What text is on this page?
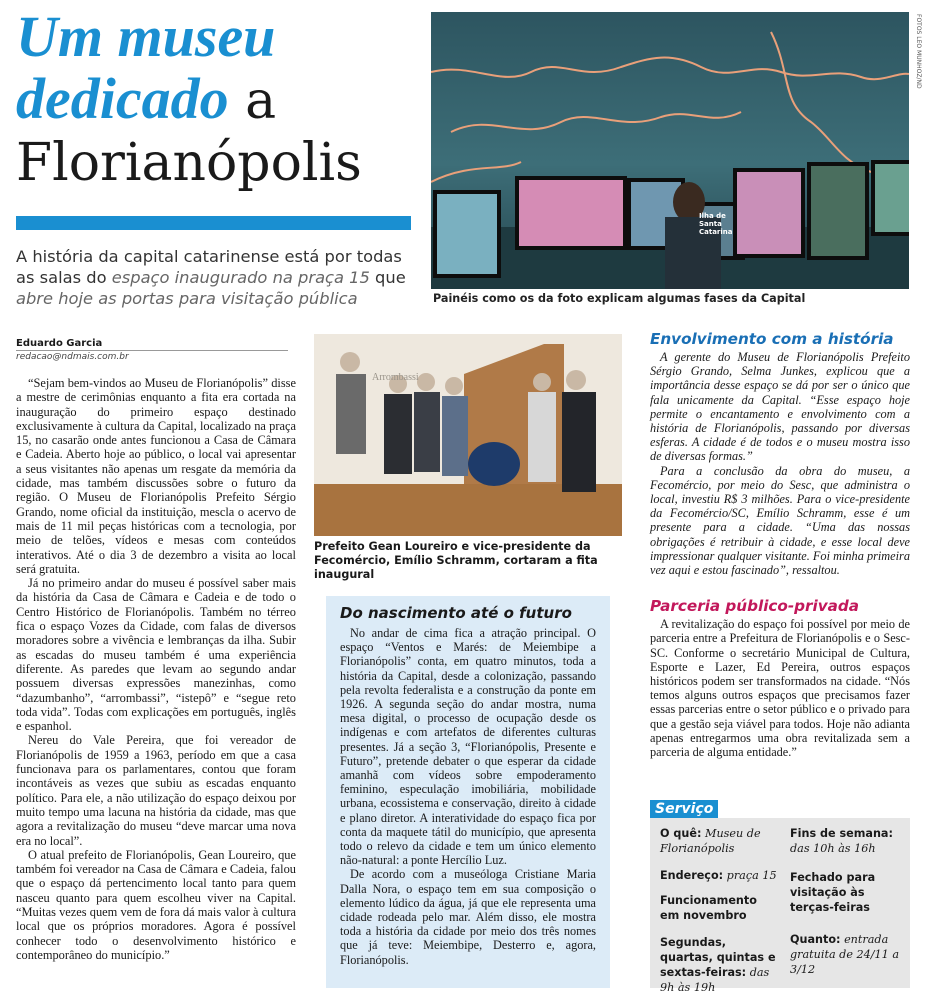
Um museu
dedicado a
Florianópolis
A história da capital catarinense está por todas as salas do espaço inaugurado na praça 15 que abre hoje as portas para visitação pública
Ilha de Santa Catarina
FOTOS LEO MUNHOZ/ND
Painéis como os da foto explicam algumas fases da Capital
Eduardo Garcia
redacao@ndmais.com.br

“Sejam bem-vindos ao Museu de Florianópolis” disse a mestre de cerimônias enquanto a fita era cortada na inauguração do primeiro espaço destinado exclusivamente à cultura da Capital, localizado na praça 15, no casarão onde antes funcionou a Casa de Câmara e Cadeia. Aberto hoje ao público, o local vai apresentar a seus visitantes não apenas um resgate da memória da cidade, mas também discussões sobre o futuro da região. O Museu de Florianópolis Prefeito Sérgio Grando, nome oficial da instituição, mescla o acervo de mais de 11 mil peças históricas com a tecnologia, por meio de telões, vídeos e mesas com conteúdos interativos. Até o dia 3 de dezembro a visita ao local será gratuita.

Já no primeiro andar do museu é possível saber mais da história da Casa de Câmara e Cadeia e de todo o Centro Histórico de Florianópolis. Também no térreo fica o espaço Vozes da Cidade, com falas de diversos moradores sobre a vivência e lembranças da ilha. Subir as escadas do museu também é uma experiência diferente. As paredes que levam ao segundo andar possuem diversas expressões manezinhas, como “dazumbanho”, “arrombassi”, “istepô” e “segue reto toda vida”. Todas com explicações em português, inglês e espanhol.

Nereu do Vale Pereira, que foi vereador de Florianópolis de 1959 a 1963, período em que a casa funcionava para os parlamentares, contou que foram incontáveis as vezes que subiu as escadas enquanto político. Para ele, a não utilização do espaço deixou por muito tempo uma lacuna na história da cidade, mas que agora a revitalização do museu “deve marcar uma nova era no local”.

O atual prefeito de Florianópolis, Gean Loureiro, que também foi vereador na Casa de Câmara e Cadeia, falou que o espaço dá pertencimento local tanto para quem nasceu quanto para quem escolheu viver na Capital. “Muitas vezes quem vem de fora dá mais valor à cultura local que os próprios moradores. Agora é possível conhecer todo o desenvolvimento histórico e contemporâneo do município.”

Arrombassi
Prefeito Gean Loureiro e vice-presidente da Fecomércio, Emílio Schramm, cortaram a fita inaugural
Do nascimento até o futuro

No andar de cima fica a atração principal. O espaço “Ventos e Marés: de Meiembipe a Florianópolis” conta, em quatro minutos, toda a história da Capital, desde a colonização, passando pela revolta federalista e a construção da ponte em 1926. A segunda seção do andar mostra, numa mesa digital, o processo de ocupação desde os indígenas e com artefatos de diferentes culturas presentes. Já a seção 3, “Florianópolis, Presente e Futuro”, pretende debater o que esperar da cidade amanhã com vídeos sobre empoderamento feminino, especulação imobiliária, mobilidade urbana, ecossistema e conservação, direito à cidade e plano diretor. A interatividade do espaço fica por conta da maquete tátil do município, que apresenta todo o relevo da cidade e tem um único elemento não-natural: a ponte Hercílio Luz.

De acordo com a museóloga Cristiane Maria Dalla Nora, o espaço tem em sua composição o elemento lúdico da água, já que ele representa uma cidade rodeada pelo mar. Além disso, ele mostra toda a história da cidade por meio dos três nomes que já teve: Meiembipe, Desterro e, agora, Florianópolis.

Envolvimento com a história

A gerente do Museu de Florianópolis Prefeito Sérgio Grando, Selma Junkes, explicou que a importância desse espaço se dá por ser o único que fala unicamente da Capital. “Esse espaço hoje permite o encantamento e envolvimento com a história de Florianópolis, passando por diversas esferas. A cidade é de todos e o museu mostra isso de diversas formas.”

Para a conclusão da obra do museu, a Fecomércio, por meio do Sesc, que administra o local, investiu R$ 3 milhões. Para o vice-presidente da Fecomércio/SC, Emílio Schramm, esse é um presente para a cidade. “Uma das nossas obrigações é retribuir à cidade, e esse local deve impressionar qualquer visitante. Foi minha primeira vez aqui e estou fascinado”, ressaltou.

Parceria público-privada

A revitalização do espaço foi possível por meio de parceria entre a Prefeitura de Florianópolis e o Sesc-SC. Conforme o secretário Municipal de Cultura, Esporte e Lazer, Ed Pereira, outros espaços históricos podem ser transformados na cidade. “Nós temos alguns outros espaços que precisamos fazer essas parcerias entre o setor público e o privado para que a gestão seja viável para todos. Hoje não adianta apenas entregarmos uma obra revitalizada sem a parceria de alguma entidade.”

Serviço
O quê: Museu de Florianópolis
Endereço: praça 15
Funcionamento em novembro
Segundas, quartas, quintas e sextas-feiras: das 9h às 19h
Fins de semana:
das 10h às 16h
Fechado para visitação às terças-feiras
Quanto: entrada gratuita de 24/11 a 3/12
